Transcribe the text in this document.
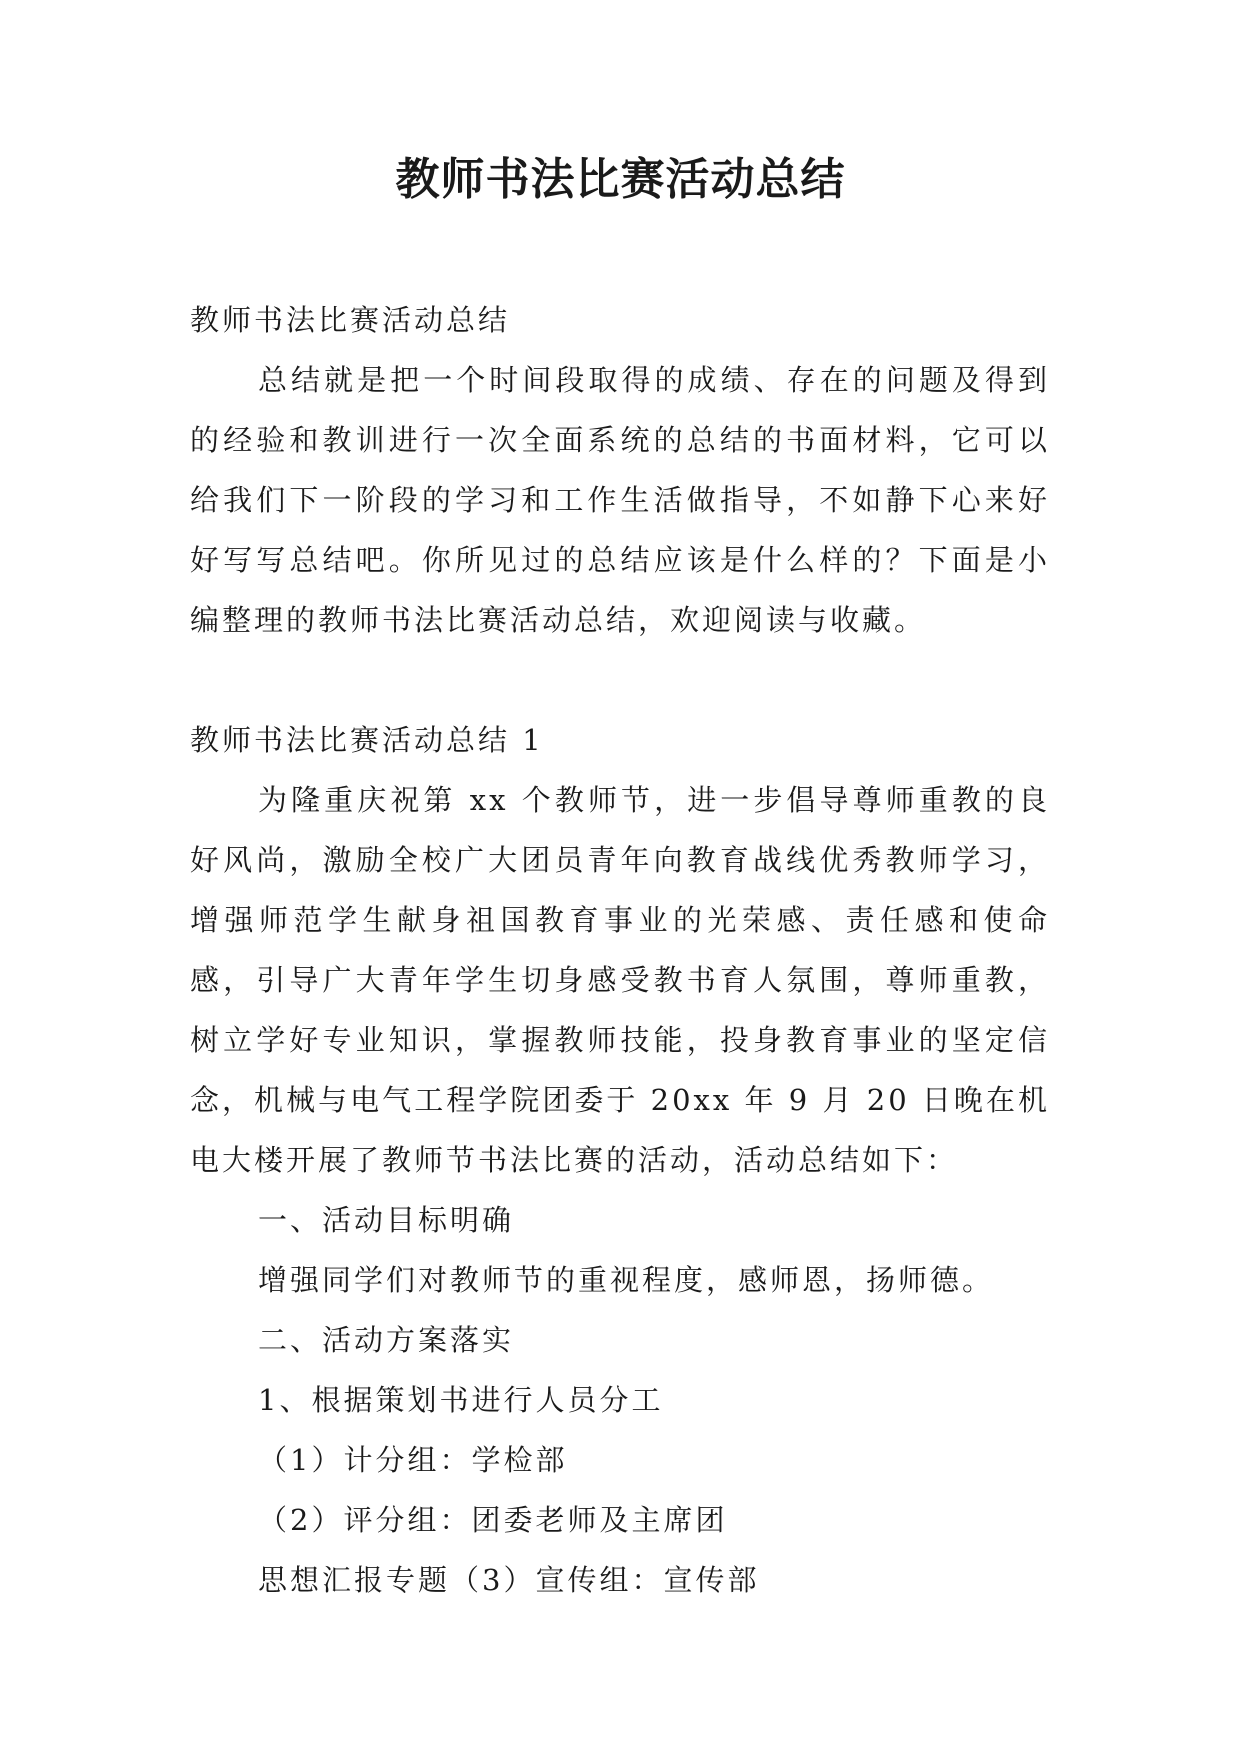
教师书法比赛活动总结

教师书法比赛活动总结

总结就是把一个时间段取得的成绩、存在的问题及得到的经验和教训进行一次全面系统的总结的书面材料，它可以给我们下一阶段的学习和工作生活做指导，不如静下心来好好写写总结吧。你所见过的总结应该是什么样的？下面是小编整理的教师书法比赛活动总结，欢迎阅读与收藏。

教师书法比赛活动总结 1

为隆重庆祝第 xx 个教师节，进一步倡导尊师重教的良好风尚，激励全校广大团员青年向教育战线优秀教师学习，增强师范学生献身祖国教育事业的光荣感、责任感和使命感，引导广大青年学生切身感受教书育人氛围，尊师重教，树立学好专业知识，掌握教师技能，投身教育事业的坚定信念，机械与电气工程学院团委于 20xx 年 9 月 20 日晚在机电大楼开展了教师节书法比赛的活动，活动总结如下：

一、活动目标明确

增强同学们对教师节的重视程度，感师恩，扬师德。

二、活动方案落实

1、根据策划书进行人员分工

（1）计分组：学检部

（2）评分组：团委老师及主席团

思想汇报专题（3）宣传组：宣传部
